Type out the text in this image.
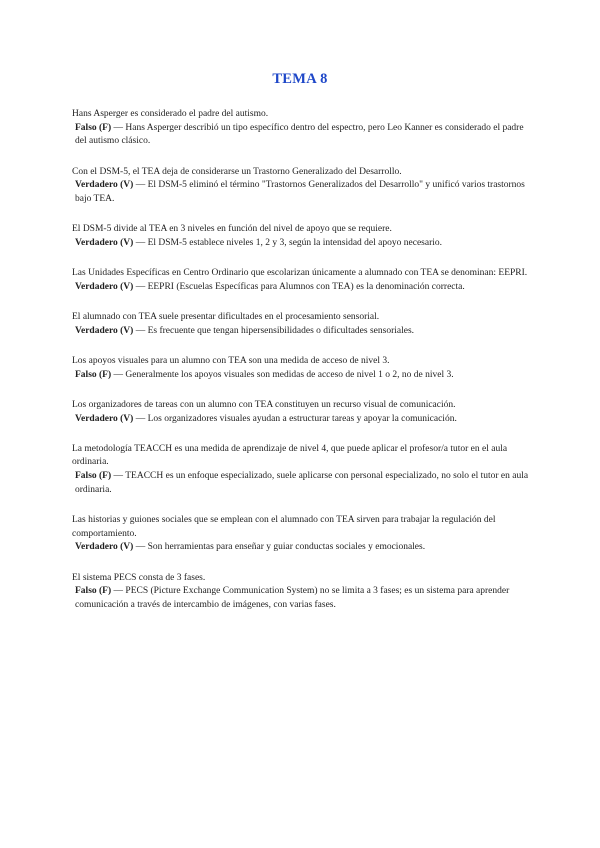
TEMA 8

Hans Asperger es considerado el padre del autismo.

Falso (F) — Hans Asperger describió un tipo específico dentro del espectro, pero Leo Kanner es considerado el padre del autismo clásico.

Con el DSM-5, el TEA deja de considerarse un Trastorno Generalizado del Desarrollo.

Verdadero (V) — El DSM-5 eliminó el término "Trastornos Generalizados del Desarrollo" y unificó varios trastornos bajo TEA.

El DSM-5 divide al TEA en 3 niveles en función del nivel de apoyo que se requiere.

Verdadero (V) — El DSM-5 establece niveles 1, 2 y 3, según la intensidad del apoyo necesario.

Las Unidades Específicas en Centro Ordinario que escolarizan únicamente a alumnado con TEA se denominan: EEPRI.

Verdadero (V) — EEPRI (Escuelas Específicas para Alumnos con TEA) es la denominación correcta.

El alumnado con TEA suele presentar dificultades en el procesamiento sensorial.

Verdadero (V) — Es frecuente que tengan hipersensibilidades o dificultades sensoriales.

Los apoyos visuales para un alumno con TEA son una medida de acceso de nivel 3.

Falso (F) — Generalmente los apoyos visuales son medidas de acceso de nivel 1 o 2, no de nivel 3.

Los organizadores de tareas con un alumno con TEA constituyen un recurso visual de comunicación.

Verdadero (V) — Los organizadores visuales ayudan a estructurar tareas y apoyar la comunicación.

La metodología TEACCH es una medida de aprendizaje de nivel 4, que puede aplicar el profesor/a tutor en el aula ordinaria.

Falso (F) — TEACCH es un enfoque especializado, suele aplicarse con personal especializado, no solo el tutor en aula ordinaria.

Las historias y guiones sociales que se emplean con el alumnado con TEA sirven para trabajar la regulación del comportamiento.

Verdadero (V) — Son herramientas para enseñar y guiar conductas sociales y emocionales.

El sistema PECS consta de 3 fases.

Falso (F) — PECS (Picture Exchange Communication System) no se limita a 3 fases; es un sistema para aprender comunicación a través de intercambio de imágenes, con varias fases.
